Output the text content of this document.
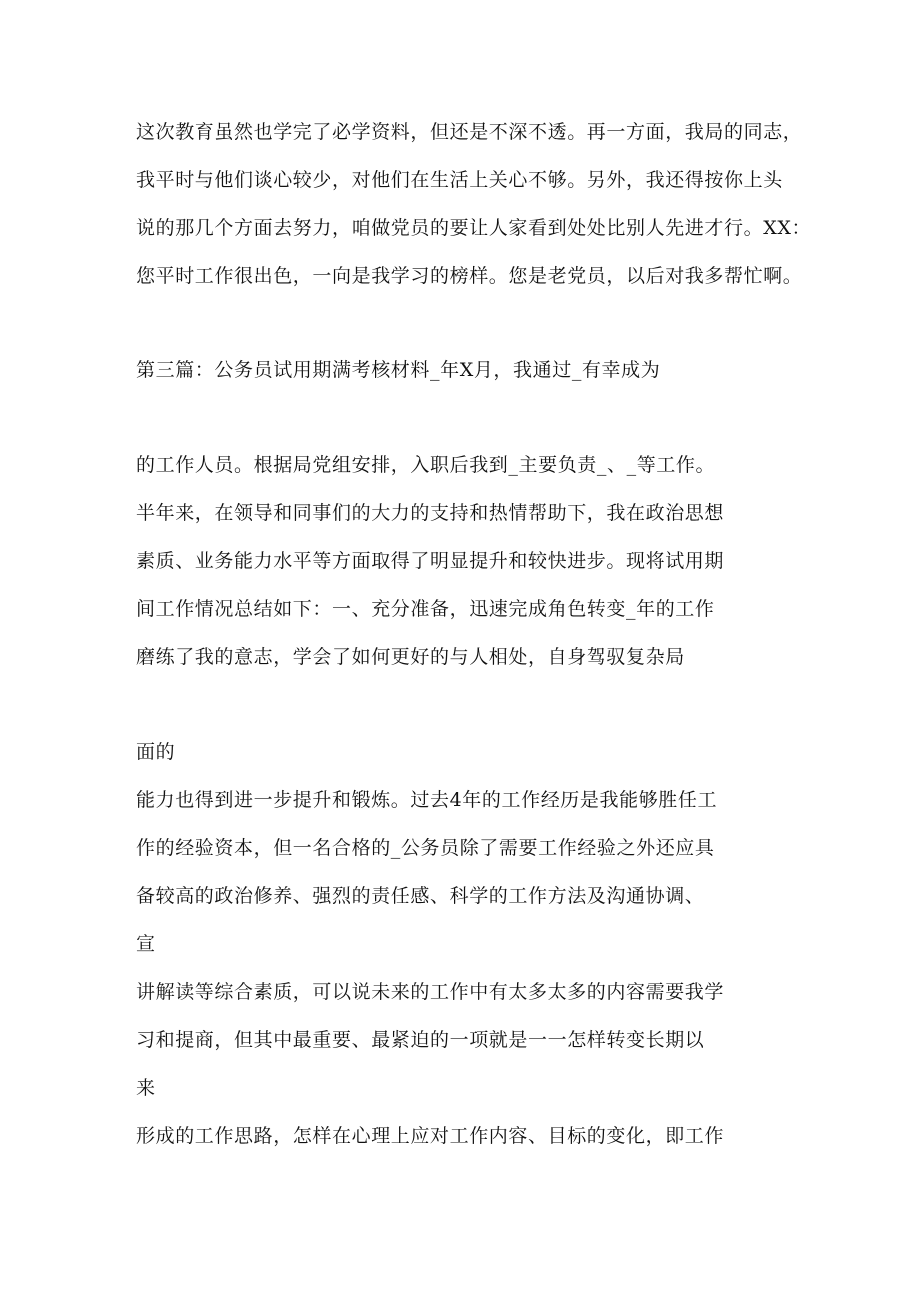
这次教育虽然也学完了必学资料，但还是不深不透。再一方面，我局的同志，
我平时与他们谈心较少，对他们在生活上关心不够。另外，我还得按你上头
说的那几个方面去努力，咱做党员的要让人家看到处处比别人先进才行。XX：
您平时工作很出色，一向是我学习的榜样。您是老党员，以后对我多帮忙啊。
第三篇：公务员试用期满考核材料_年X月，我通过_有幸成为
的工作人员。根据局党组安排，入职后我到_主要负责_、_等工作。
半年来，在领导和同事们的大力的支持和热情帮助下，我在政治思想
素质、业务能力水平等方面取得了明显提升和较快进步。现将试用期
间工作情况总结如下：一、充分准备，迅速完成角色转变_年的工作
磨练了我的意志，学会了如何更好的与人相处，自身驾驭复杂局
面的
能力也得到进一步提升和锻炼。过去4年的工作经历是我能够胜任工
作的经验资本，但一名合格的_公务员除了需要工作经验之外还应具
备较高的政治修养、强烈的责任感、科学的工作方法及沟通协调、
宣
讲解读等综合素质，可以说未来的工作中有太多太多的内容需要我学
习和提商，但其中最重要、最紧迫的一项就是一一怎样转变长期以
来
形成的工作思路，怎样在心理上应对工作内容、目标的变化，即工作
